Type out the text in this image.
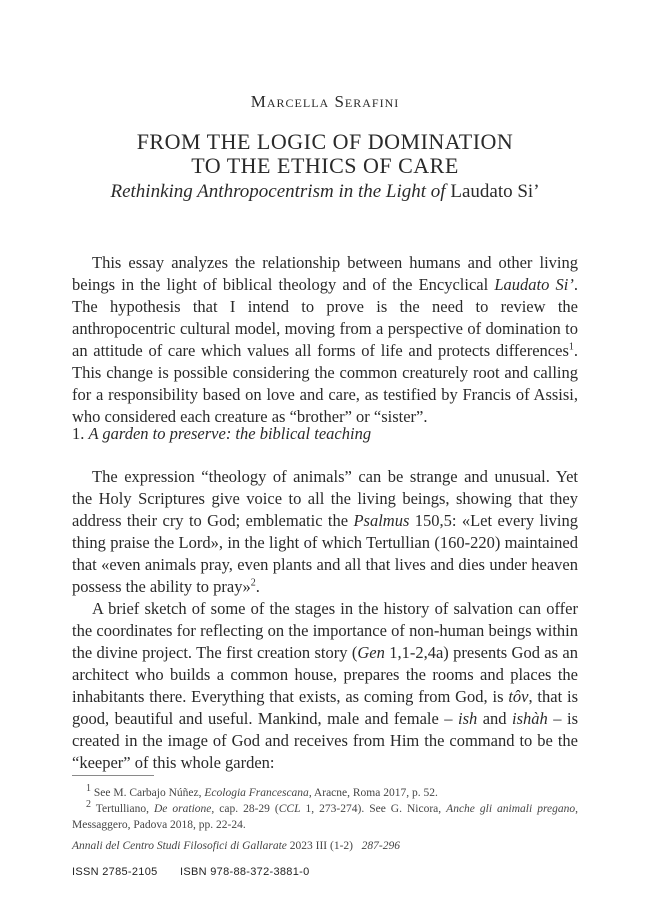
Marcella Serafini
FROM THE LOGIC OF DOMINATION
TO THE ETHICS OF CARE
Rethinking Anthropocentrism in the Light of Laudato Si’

This essay analyzes the relationship between humans and other living beings in the light of biblical theology and of the Encyclical Laudato Si’. The hypothesis that I intend to prove is the need to review the anthropocentric cultural model, moving from a perspective of domination to an attitude of care which values all forms of life and protects differences$^1$. This change is possible considering the common creaturely root and calling for a responsibility based on love and care, as testified by Francis of Assisi, who considered each creature as “brother” or “sister”.

1. A garden to preserve: the biblical teaching

The expression “theology of animals” can be strange and unusual. Yet the Holy Scriptures give voice to all the living beings, showing that they address their cry to God; emblematic the Psalmus 150,5: «Let every living thing praise the Lord», in the light of which Tertullian (160-220) maintained that «even animals pray, even plants and all that lives and dies under heaven possess the ability to pray»$^2$.

A brief sketch of some of the stages in the history of salvation can offer the coordinates for reflecting on the importance of non-human beings within the divine project. The first creation story (Gen 1,1-2,4a) presents God as an architect who builds a common house, prepares the rooms and places the inhabitants there. Everything that exists, as coming from God, is tôv, that is good, beautiful and useful. Mankind, male and female – ish and ishàh – is created in the image of God and receives from Him the command to be the “keeper” of this whole garden:

$^1$ See M. Carbajo Núñez, Ecologia Francescana, Aracne, Roma 2017, p. 52.

$^2$ Tertulliano, De oratione, cap. 28-29 (CCL 1, 273-274). See G. Nicora, Anche gli animali pregano, Messaggero, Padova 2018, pp. 22-24.

Annali del Centro Studi Filosofici di Gallarate 2023 III (1-2) 287-296
ISSN 2785-2105 ISBN 978-88-372-3881-0
